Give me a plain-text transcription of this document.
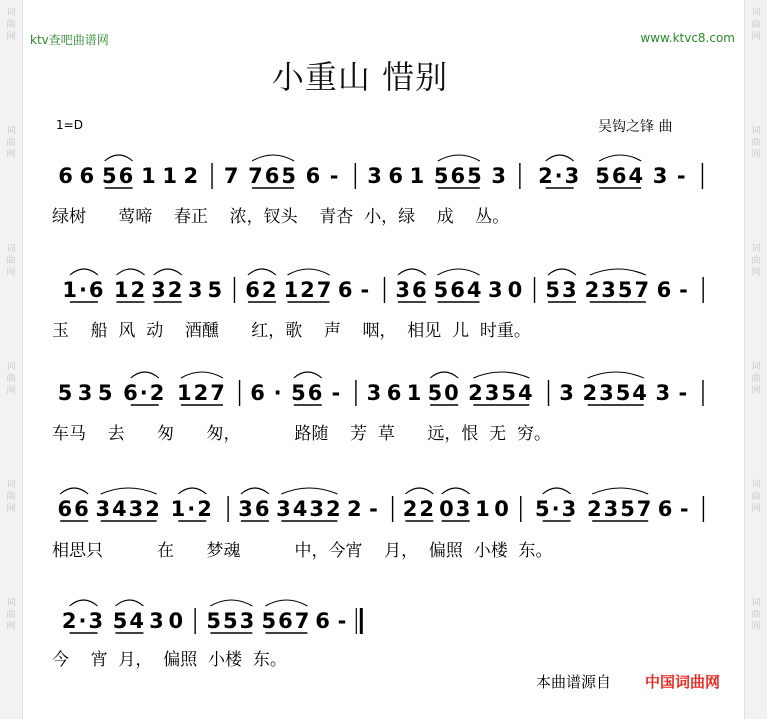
ktv查吧曲谱网	www.ktvc8.com
小重山 惜别
1=D	吴钩之锋 曲
6 6 56 1 1 2 7 765 6 - 3 6 1 565 3 2·3 564 3 -
1·6 12 32 3 5 62 127 6 - 36 564 3 0 53 2357 6 -
5 3 5 6·2 127 6 · 56 - 3 6 1 50 2354 3 2354 3 -
66 3432 1·2 36 3432 2 - 22 03 1 0 5·3 2357 6 -
2·3 54 3 0 553 567 6 -
绿树      莺啼    春正    浓，钗头    青杏  小，绿    成    丛。
玉    船  风  动    酒醺      红，歌    声    咽，  相见  儿  时重。
车马    去      匆      匆，          路随    芳  草      远，恨  无  穷。
相思只          在      梦魂          中，今宵    月，  偏照  小楼  东。
今    宵  月，  偏照  小楼  东。
本曲谱源自 中国词曲网
词
曲
网
词
曲
网
词
曲
网
词
曲
网
词
曲
网
词
曲
网
词
曲
网
词
曲
网
词
曲
网
词
曲
网
词
曲
网
词
曲
网
